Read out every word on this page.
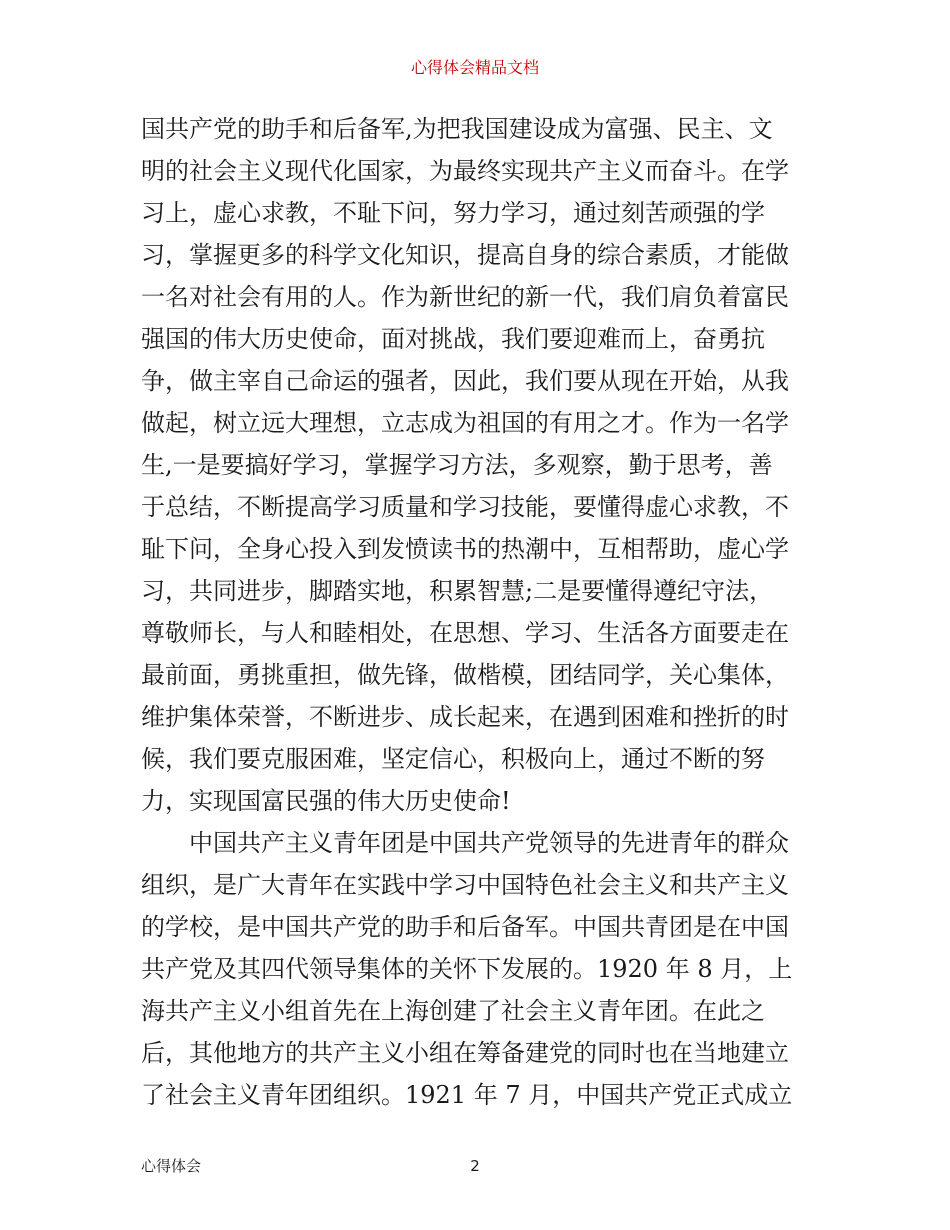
心得体会精品文档
国共产党的助手和后备军,为把我国建设成为富强、民主、文
明的社会主义现代化国家，为最终实现共产主义而奋斗。在学
习上，虚心求教，不耻下问，努力学习，通过刻苦顽强的学
习，掌握更多的科学文化知识，提高自身的综合素质，才能做
一名对社会有用的人。作为新世纪的新一代，我们肩负着富民
强国的伟大历史使命，面对挑战，我们要迎难而上，奋勇抗
争，做主宰自己命运的强者，因此，我们要从现在开始，从我
做起，树立远大理想，立志成为祖国的有用之才。作为一名学
生,一是要搞好学习，掌握学习方法，多观察，勤于思考，善
于总结，不断提高学习质量和学习技能，要懂得虚心求教，不
耻下问，全身心投入到发愤读书的热潮中，互相帮助，虚心学
习，共同进步，脚踏实地，积累智慧;二是要懂得遵纪守法，
尊敬师长，与人和睦相处，在思想、学习、生活各方面要走在
最前面，勇挑重担，做先锋，做楷模，团结同学，关心集体，
维护集体荣誉，不断进步、成长起来，在遇到困难和挫折的时
候，我们要克服困难，坚定信心，积极向上，通过不断的努
力，实现国富民强的伟大历史使命!
　　中国共产主义青年团是中国共产党领导的先进青年的群众
组织，是广大青年在实践中学习中国特色社会主义和共产主义
的学校，是中国共产党的助手和后备军。中国共青团是在中国
共产党及其四代领导集体的关怀下发展的。1920 年 8 月，上
海共产主义小组首先在上海创建了社会主义青年团。在此之
后，其他地方的共产主义小组在筹备建党的同时也在当地建立
了社会主义青年团组织。1921 年 7 月，中国共产党正式成立
心得体会	2
